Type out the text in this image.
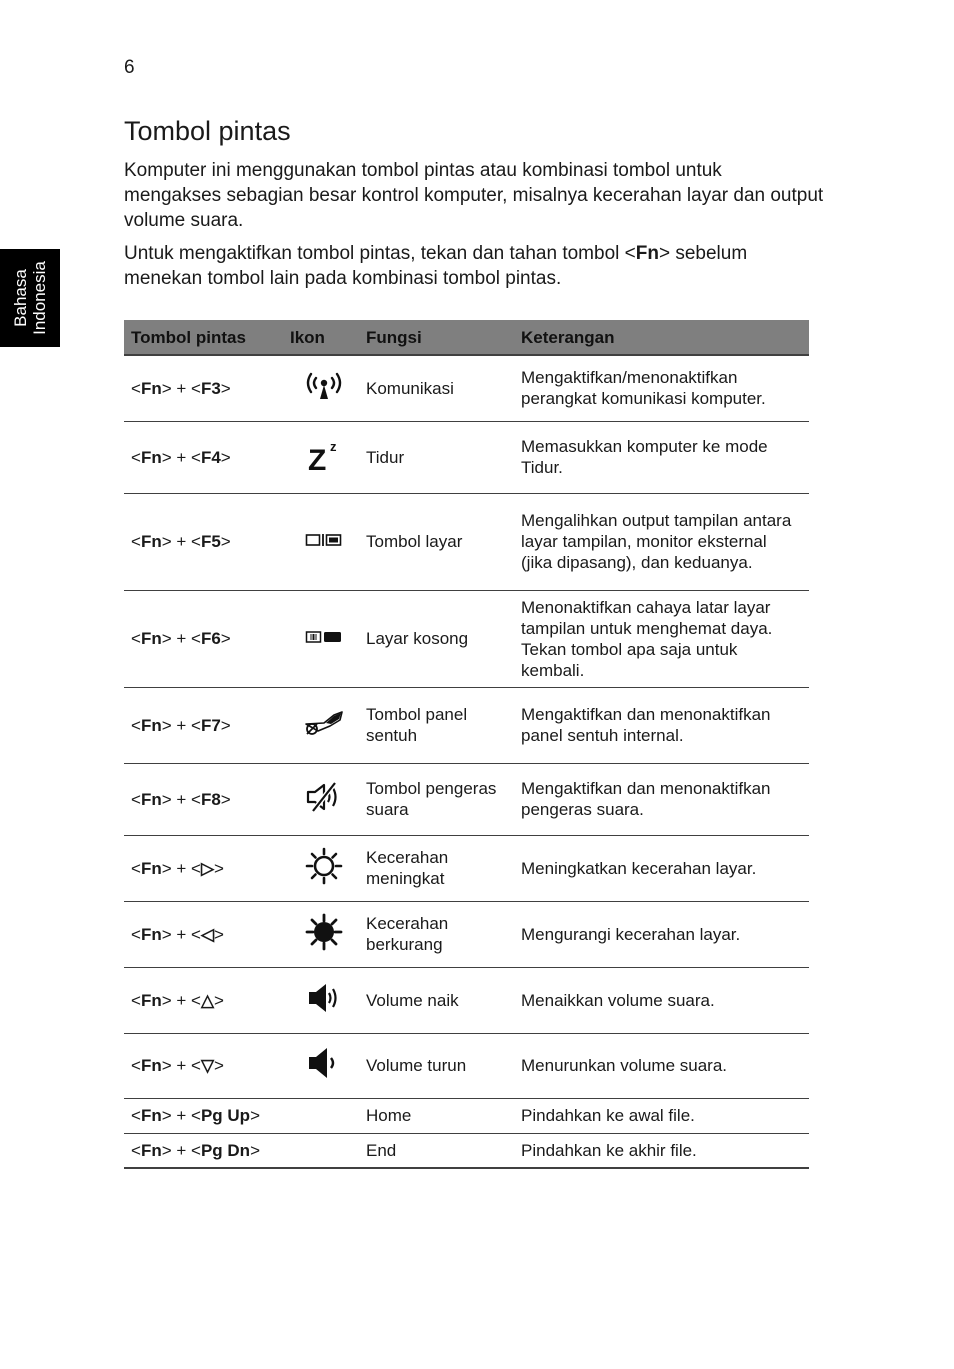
6
Bahasa Indonesia
Tombol pintas

Komputer ini menggunakan tombol pintas atau kombinasi tombol untuk mengakses sebagian besar kontrol komputer, misalnya kecerahan layar dan output volume suara.

Untuk mengaktifkan tombol pintas, tekan dan tahan tombol <Fn> sebelum menekan tombol lain pada kombinasi tombol pintas.

Tombol pintas	Ikon	Fungsi	Keterangan
<Fn> + <F3>		Komunikasi	Mengaktifkan/menonaktifkan perangkat komunikasi komputer.
<Fn> + <F4>	Z z	Tidur	Memasukkan komputer ke mode Tidur.
<Fn> + <F5>		Tombol layar	Mengalihkan output tampilan antara layar tampilan, monitor eksternal (jika dipasang), dan keduanya.
<Fn> + <F6>		Layar kosong	Menonaktifkan cahaya latar layar tampilan untuk menghemat daya. Tekan tombol apa saja untuk kembali.
<Fn> + <F7>		Tombol panel sentuh	Mengaktifkan dan menonaktifkan panel sentuh internal.
<Fn> + <F8>		Tombol pengeras suara	Mengaktifkan dan menonaktifkan pengeras suara.
<Fn> + <▷>		Kecerahan meningkat	Meningkatkan kecerahan layar.
<Fn> + <◁>		Kecerahan berkurang	Mengurangi kecerahan layar.
<Fn> + <△>		Volume naik	Menaikkan volume suara.
<Fn> + <▽>		Volume turun	Menurunkan volume suara.
<Fn> + <Pg Up>		Home	Pindahkan ke awal file.
<Fn> + <Pg Dn>		End	Pindahkan ke akhir file.
